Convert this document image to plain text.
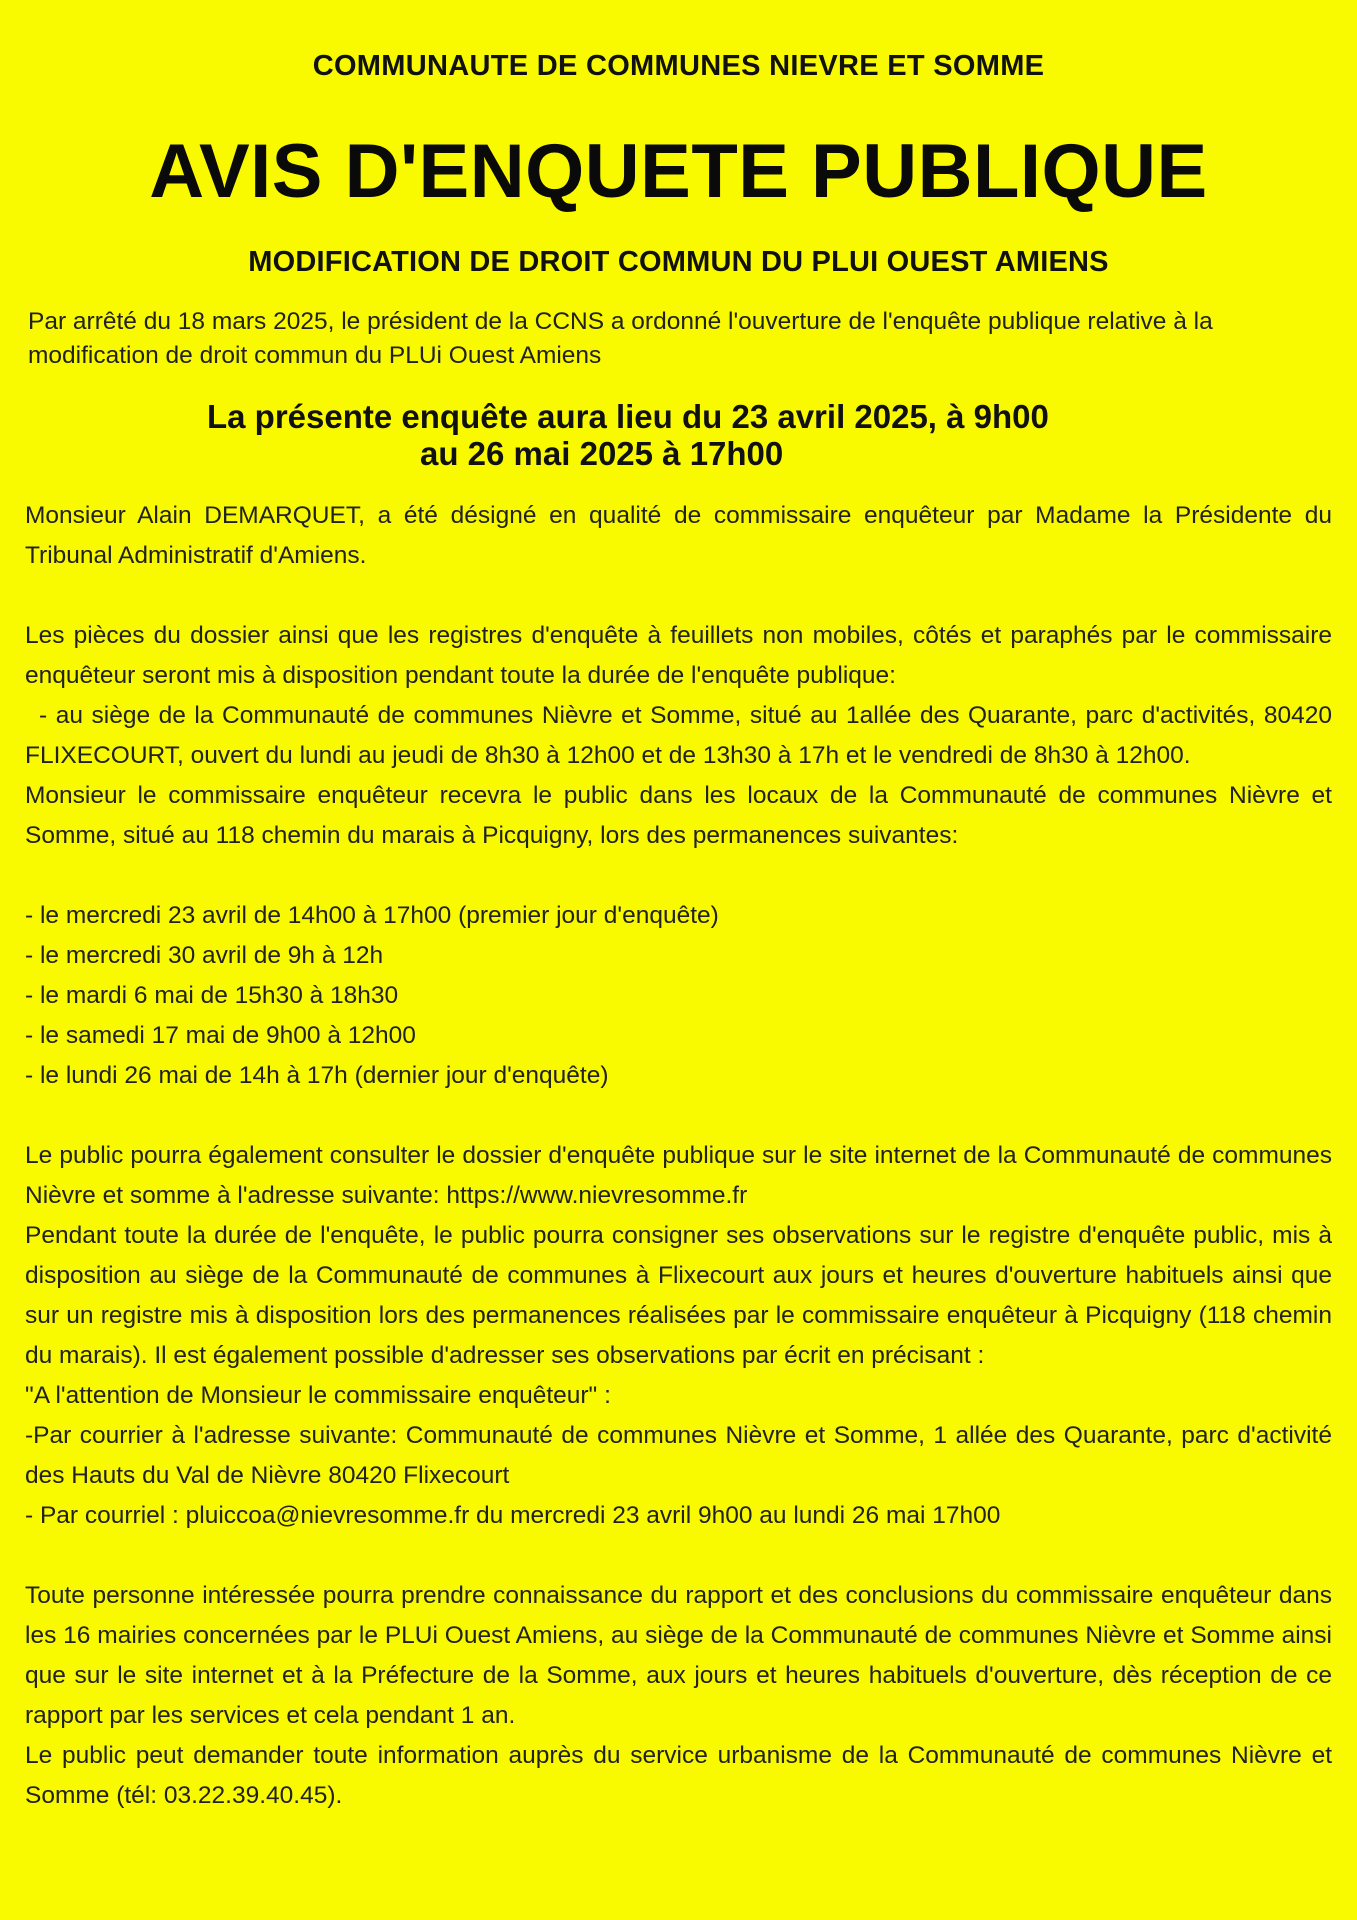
COMMUNAUTE DE COMMUNES NIEVRE ET SOMME
AVIS D'ENQUETE PUBLIQUE
MODIFICATION DE DROIT COMMUN DU PLUI OUEST AMIENS
Par arrêté du 18 mars 2025, le président de la CCNS a ordonné l'ouverture de l'enquête publique relative à la modification de droit commun du PLUi Ouest Amiens
La présente enquête aura lieu du 23 avril 2025, à 9h00
au 26 mai 2025 à 17h00

Monsieur Alain DEMARQUET, a été désigné en qualité de commissaire enquêteur par Madame la Présidente du Tribunal Administratif d'Amiens.

Les pièces du dossier ainsi que les registres d'enquête à feuillets non mobiles, côtés et paraphés par le commissaire enquêteur seront mis à disposition pendant toute la durée de l'enquête publique:

- au siège de la Communauté de communes Nièvre et Somme, situé au 1allée des Quarante, parc d'activités, 80420 FLIXECOURT, ouvert du lundi au jeudi de 8h30 à 12h00 et de 13h30 à 17h et le vendredi de 8h30 à 12h00.

Monsieur le commissaire enquêteur recevra le public dans les locaux de la Communauté de communes Nièvre et Somme, situé au 118 chemin du marais à Picquigny, lors des permanences suivantes:

- le mercredi 23 avril de 14h00 à 17h00 (premier jour d'enquête)
- le mercredi 30 avril de 9h à 12h
- le mardi 6 mai de 15h30 à 18h30
- le samedi 17 mai de 9h00 à 12h00
- le lundi 26 mai de 14h à 17h (dernier jour d'enquête)

Le public pourra également consulter le dossier d'enquête publique sur le site internet de la Communauté de communes Nièvre et somme à l'adresse suivante: https://www.nievresomme.fr

Pendant toute la durée de l'enquête, le public pourra consigner ses observations sur le registre d'enquête public, mis à disposition au siège de la Communauté de communes à Flixecourt aux jours et heures d'ouverture habituels ainsi que sur un registre mis à disposition lors des permanences réalisées par le commissaire enquêteur à Picquigny (118 chemin du marais). Il est également possible d'adresser ses observations par écrit en précisant :

"A l'attention de Monsieur le commissaire enquêteur" :

-Par courrier à l'adresse suivante: Communauté de communes Nièvre et Somme, 1 allée des Quarante, parc d'activité des Hauts du Val de Nièvre 80420 Flixecourt

- Par courriel : pluiccoa@nievresomme.fr du mercredi 23 avril 9h00 au lundi 26 mai 17h00

Toute personne intéressée pourra prendre connaissance du rapport et des conclusions du commissaire enquêteur dans les 16 mairies concernées par le PLUi Ouest Amiens, au siège de la Communauté de communes Nièvre et Somme ainsi que sur le site internet et à la Préfecture de la Somme, aux jours et heures habituels d'ouverture, dès réception de ce rapport par les services et cela pendant 1 an.

Le public peut demander toute information auprès du service urbanisme de la Communauté de communes Nièvre et Somme (tél: 03.22.39.40.45).
